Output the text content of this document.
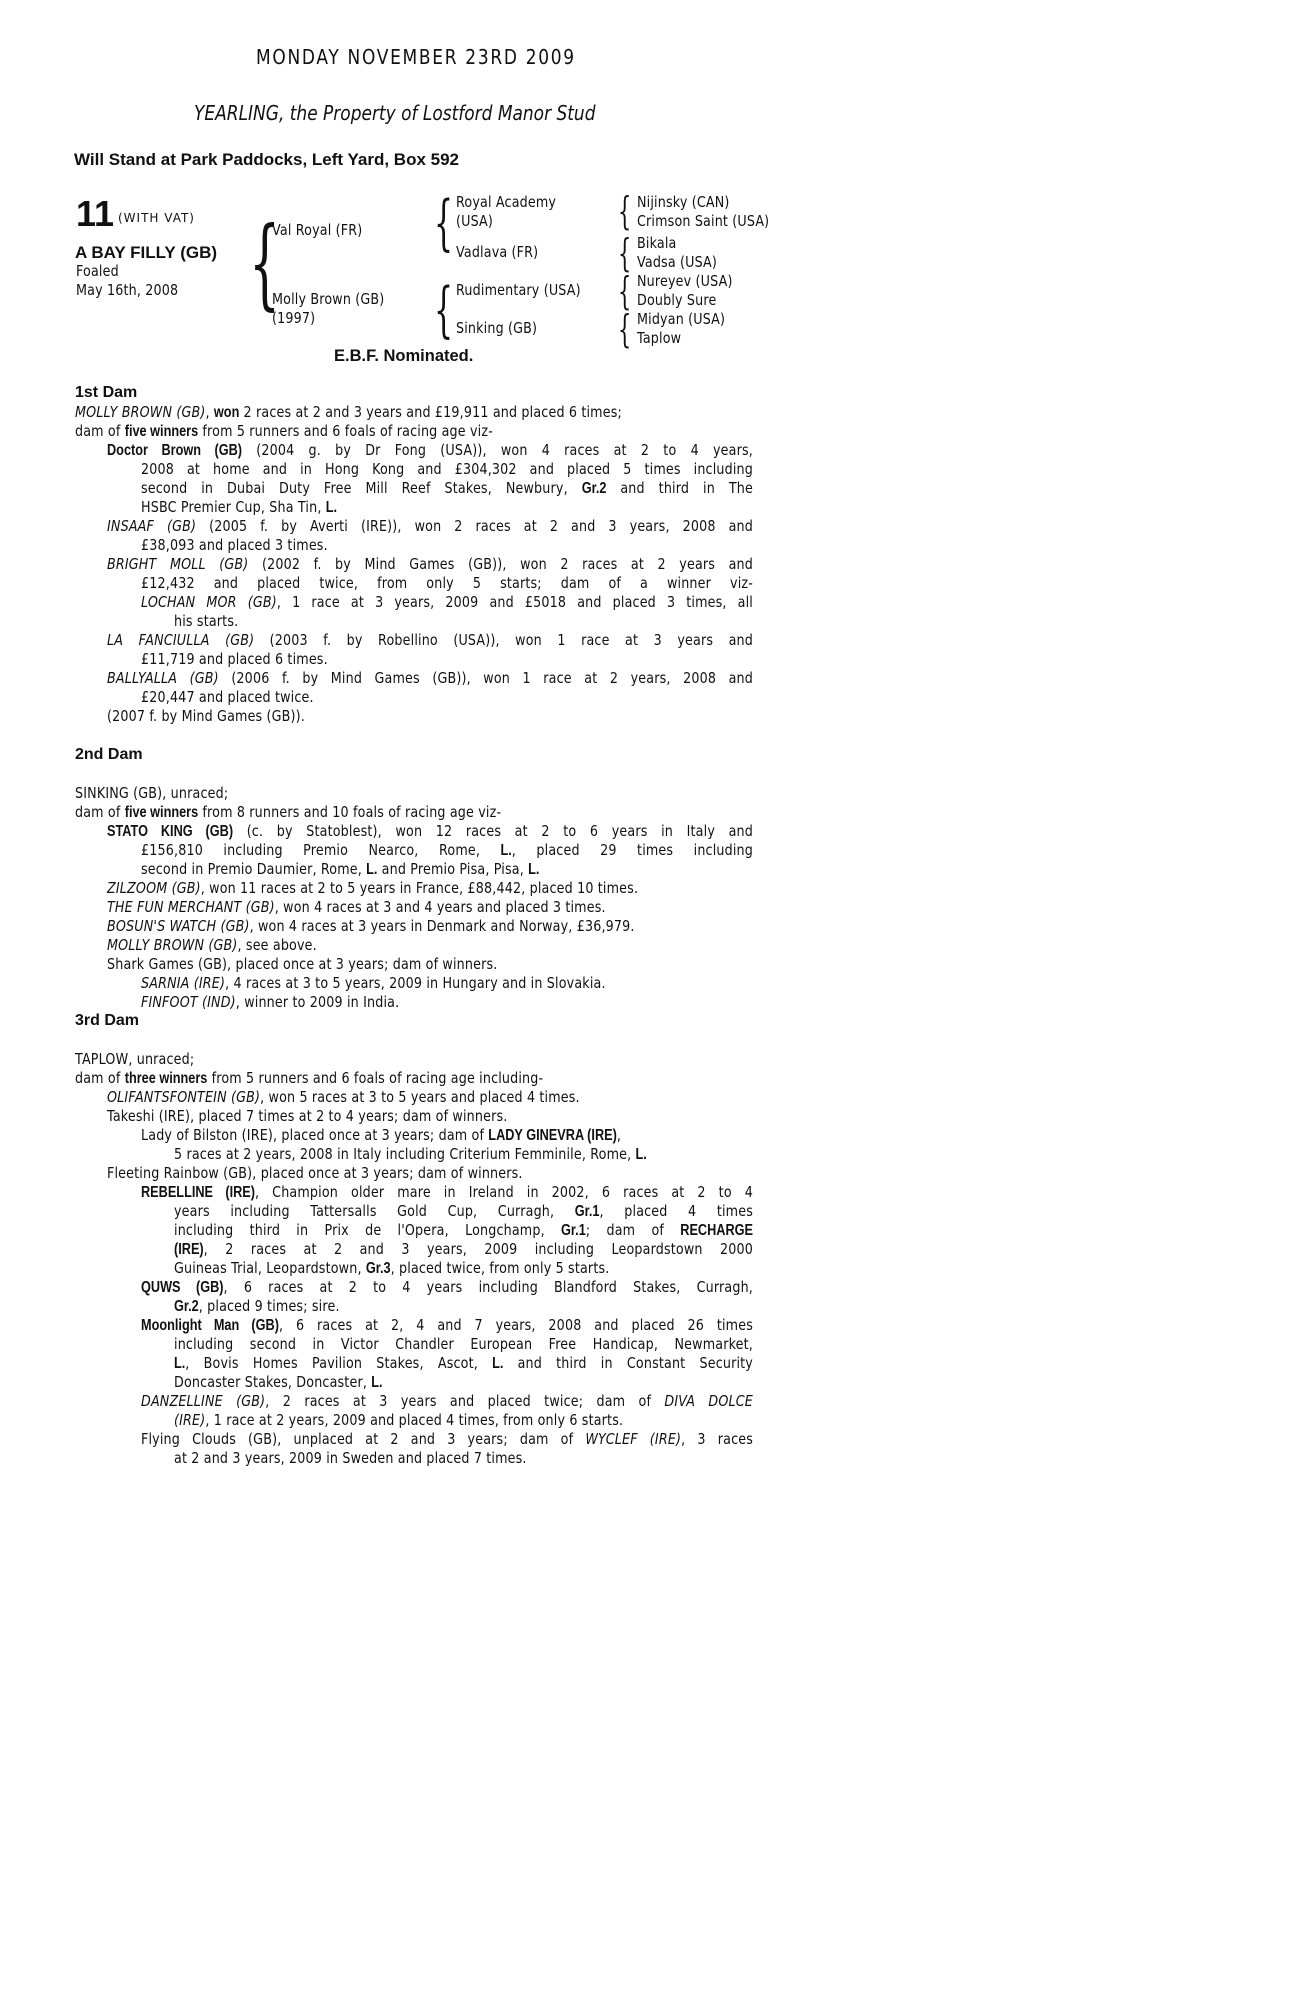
MONDAY NOVEMBER 23RD 2009
YEARLING, the Property of Lostford Manor Stud
Will Stand at Park Paddocks, Left Yard, Box 592
11 (WITH VAT)
A BAY FILLY (GB)
Foaled
May 16th, 2008 {
Val Royal (FR)
Molly Brown (GB)
(1997)
{
{
Royal Academy
(USA)
Vadlava (FR)
Rudimentary (USA)
Sinking (GB)
{
{
{
{
Nijinsky (CAN)
Crimson Saint (USA)
Bikala
Vadsa (USA)
Nureyev (USA)
Doubly Sure
Midyan (USA)
Taplow
E.B.F. Nominated.
1st Dam
2nd Dam
3rd Dam
MOLLY BROWN (GB), won 2 races at 2 and 3 years and £19,911 and placed 6 times;
dam of five winners from 5 runners and 6 foals of racing age viz-
Doctor Brown (GB) (2004 g. by Dr Fong (USA)), won 4 races at 2 to 4 years,
2008 at home and in Hong Kong and £304,302 and placed 5 times including
second in Dubai Duty Free Mill Reef Stakes, Newbury, Gr.2 and third in The
HSBC Premier Cup, Sha Tin, L.
INSAAF (GB) (2005 f. by Averti (IRE)), won 2 races at 2 and 3 years, 2008 and
£38,093 and placed 3 times.
BRIGHT MOLL (GB) (2002 f. by Mind Games (GB)), won 2 races at 2 years and
£12,432 and placed twice, from only 5 starts; dam of a winner viz-
LOCHAN MOR (GB), 1 race at 3 years, 2009 and £5018 and placed 3 times, all
his starts.
LA FANCIULLA (GB) (2003 f. by Robellino (USA)), won 1 race at 3 years and
£11,719 and placed 6 times.
BALLYALLA (GB) (2006 f. by Mind Games (GB)), won 1 race at 2 years, 2008 and
£20,447 and placed twice.
(2007 f. by Mind Games (GB)).
SINKING (GB), unraced;
dam of five winners from 8 runners and 10 foals of racing age viz-
STATO KING (GB) (c. by Statoblest), won 12 races at 2 to 6 years in Italy and
£156,810 including Premio Nearco, Rome, L., placed 29 times including
second in Premio Daumier, Rome, L. and Premio Pisa, Pisa, L.
ZILZOOM (GB), won 11 races at 2 to 5 years in France, £88,442, placed 10 times.
THE FUN MERCHANT (GB), won 4 races at 3 and 4 years and placed 3 times.
BOSUN'S WATCH (GB), won 4 races at 3 years in Denmark and Norway, £36,979.
MOLLY BROWN (GB), see above.
Shark Games (GB), placed once at 3 years; dam of winners.
SARNIA (IRE), 4 races at 3 to 5 years, 2009 in Hungary and in Slovakia.
FINFOOT (IND), winner to 2009 in India.
TAPLOW, unraced;
dam of three winners from 5 runners and 6 foals of racing age including-
OLIFANTSFONTEIN (GB), won 5 races at 3 to 5 years and placed 4 times.
Takeshi (IRE), placed 7 times at 2 to 4 years; dam of winners.
Lady of Bilston (IRE), placed once at 3 years; dam of LADY GINEVRA (IRE),
5 races at 2 years, 2008 in Italy including Criterium Femminile, Rome, L.
Fleeting Rainbow (GB), placed once at 3 years; dam of winners.
REBELLINE (IRE), Champion older mare in Ireland in 2002, 6 races at 2 to 4
years including Tattersalls Gold Cup, Curragh, Gr.1, placed 4 times
including third in Prix de l'Opera, Longchamp, Gr.1; dam of RECHARGE
(IRE), 2 races at 2 and 3 years, 2009 including Leopardstown 2000
Guineas Trial, Leopardstown, Gr.3, placed twice, from only 5 starts.
QUWS (GB), 6 races at 2 to 4 years including Blandford Stakes, Curragh,
Gr.2, placed 9 times; sire.
Moonlight Man (GB), 6 races at 2, 4 and 7 years, 2008 and placed 26 times
including second in Victor Chandler European Free Handicap, Newmarket,
L., Bovis Homes Pavilion Stakes, Ascot, L. and third in Constant Security
Doncaster Stakes, Doncaster, L.
DANZELLINE (GB), 2 races at 3 years and placed twice; dam of DIVA DOLCE
(IRE), 1 race at 2 years, 2009 and placed 4 times, from only 6 starts.
Flying Clouds (GB), unplaced at 2 and 3 years; dam of WYCLEF (IRE), 3 races
at 2 and 3 years, 2009 in Sweden and placed 7 times.
